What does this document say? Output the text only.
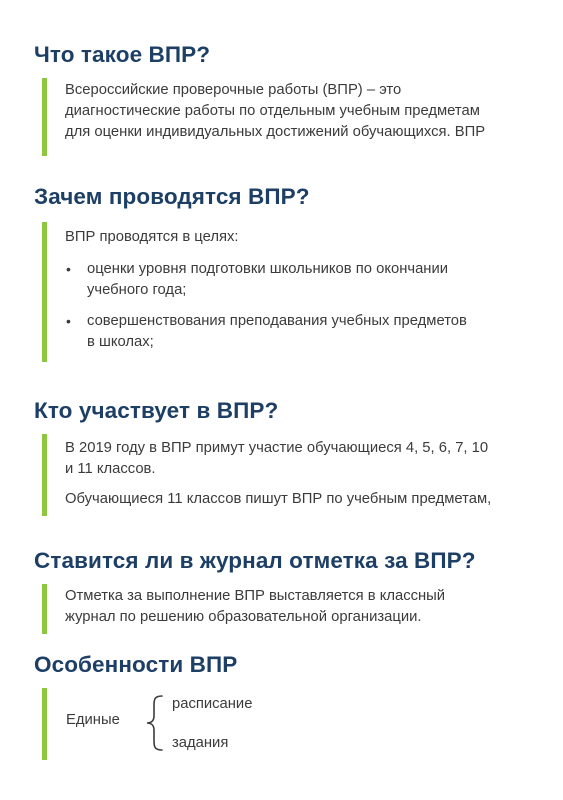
Что такое ВПР?
Всероссийские проверочные работы (ВПР) – это
диагностические работы по отдельным учебным предметам
для оценки индивидуальных достижений обучающихся. ВПР
Зачем проводятся ВПР?

ВПР проводятся в целях:

• оценки уровня подготовки школьников по окончании
учебного года;
• совершенствования преподавания учебных предметов
в школах;
Кто участвует в ВПР?

В 2019 году в ВПР примут участие обучающиеся 4, 5, 6, 7, 10
и 11 классов.

Обучающиеся 11 классов пишут ВПР по учебным предметам,

Ставится ли в журнал отметка за ВПР?

Отметка за выполнение ВПР выставляется в классный
журнал по решению образовательной организации.

Особенности ВПР
Единые
расписание
задания
